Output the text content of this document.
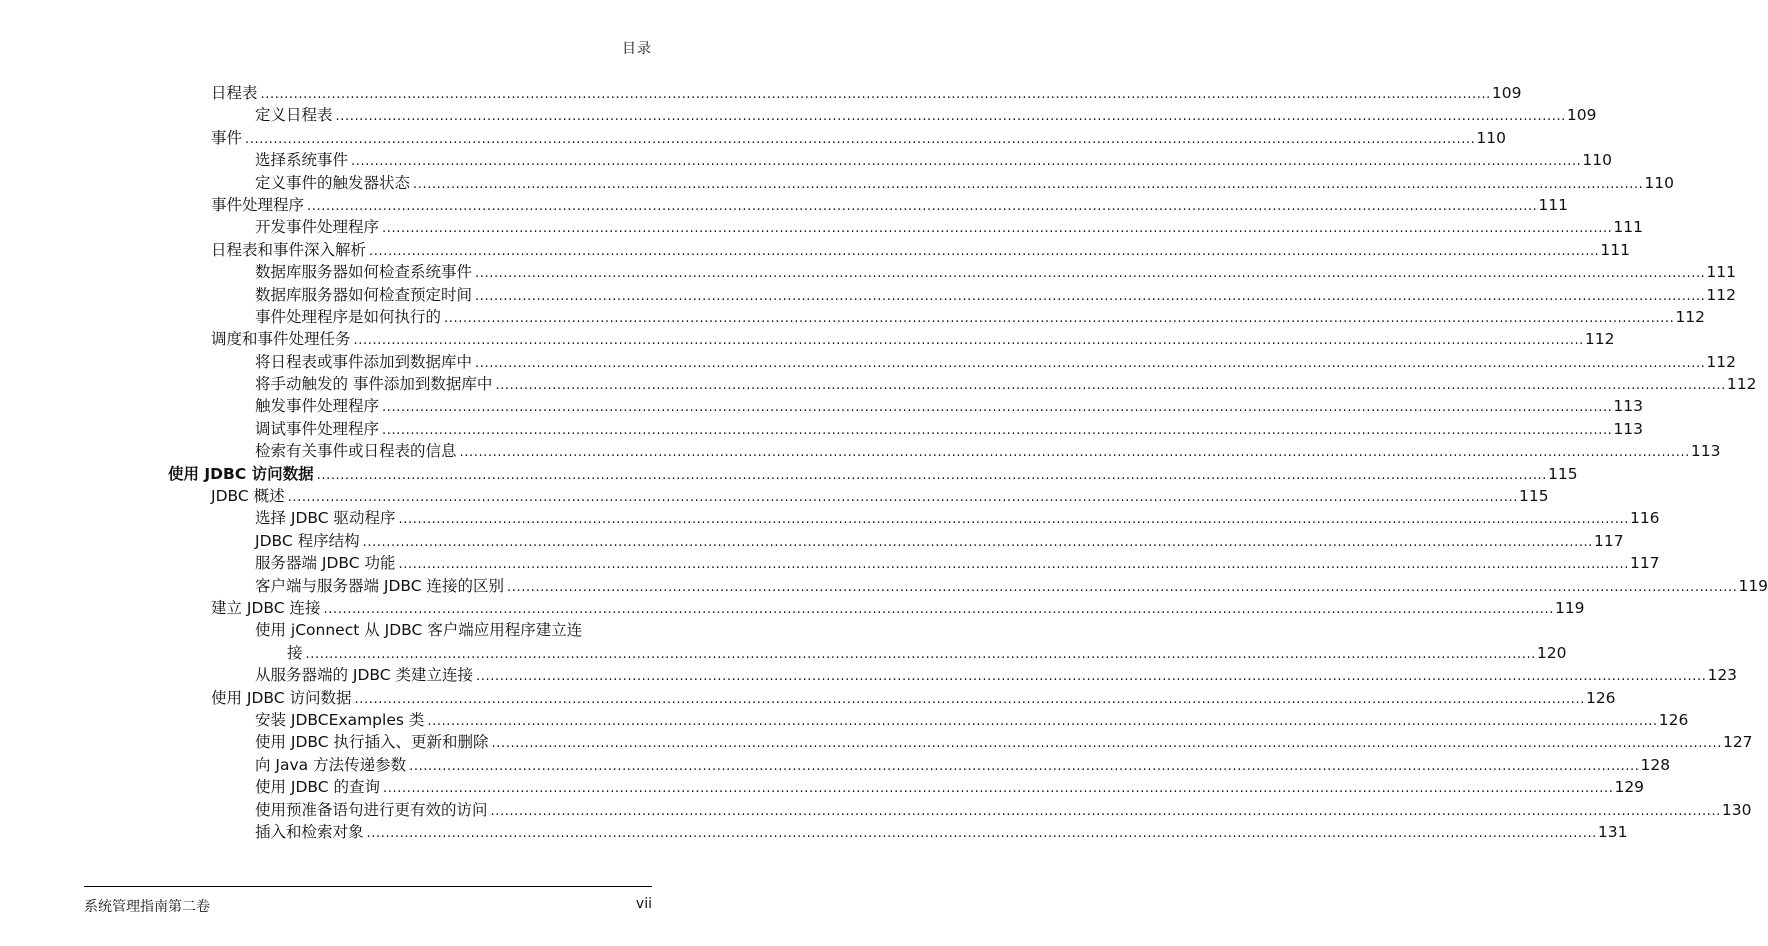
目录
日程表 .................................................................................................................................................................................................................................................................... 109
定义日程表 .................................................................................................................................................................................................................................................................... 109
事件 .................................................................................................................................................................................................................................................................... 110
选择系统事件 .................................................................................................................................................................................................................................................................... 110
定义事件的触发器状态 .................................................................................................................................................................................................................................................................... 110
事件处理程序 .................................................................................................................................................................................................................................................................... 111
开发事件处理程序 .................................................................................................................................................................................................................................................................... 111
日程表和事件深入解析 .................................................................................................................................................................................................................................................................... 111
数据库服务器如何检查系统事件 .................................................................................................................................................................................................................................................................... 111
数据库服务器如何检查预定时间 .................................................................................................................................................................................................................................................................... 112
事件处理程序是如何执行的 .................................................................................................................................................................................................................................................................... 112
调度和事件处理任务 .................................................................................................................................................................................................................................................................... 112
将日程表或事件添加到数据库中 .................................................................................................................................................................................................................................................................... 112
将手动触发的 事件添加到数据库中 .................................................................................................................................................................................................................................................................... 112
触发事件处理程序 .................................................................................................................................................................................................................................................................... 113
调试事件处理程序 .................................................................................................................................................................................................................................................................... 113
检索有关事件或日程表的信息 .................................................................................................................................................................................................................................................................... 113
使用 JDBC 访问数据 .................................................................................................................................................................................................................................................................... 115
JDBC 概述 .................................................................................................................................................................................................................................................................... 115
选择 JDBC 驱动程序 .................................................................................................................................................................................................................................................................... 116
JDBC 程序结构 .................................................................................................................................................................................................................................................................... 117
服务器端 JDBC 功能 .................................................................................................................................................................................................................................................................... 117
客户端与服务器端 JDBC 连接的区别 .................................................................................................................................................................................................................................................................... 119
建立 JDBC 连接 .................................................................................................................................................................................................................................................................... 119
使用 jConnect 从 JDBC 客户端应用程序建立连
接 .................................................................................................................................................................................................................................................................... 120
从服务器端的 JDBC 类建立连接 .................................................................................................................................................................................................................................................................... 123
使用 JDBC 访问数据 .................................................................................................................................................................................................................................................................... 126
安装 JDBCExamples 类 .................................................................................................................................................................................................................................................................... 126
使用 JDBC 执行插入、更新和删除 .................................................................................................................................................................................................................................................................... 127
向 Java 方法传递参数 .................................................................................................................................................................................................................................................................... 128
使用 JDBC 的查询 .................................................................................................................................................................................................................................................................... 129
使用预准备语句进行更有效的访问 .................................................................................................................................................................................................................................................................... 130
插入和检索对象 .................................................................................................................................................................................................................................................................... 131
系统管理指南第二卷	vii
